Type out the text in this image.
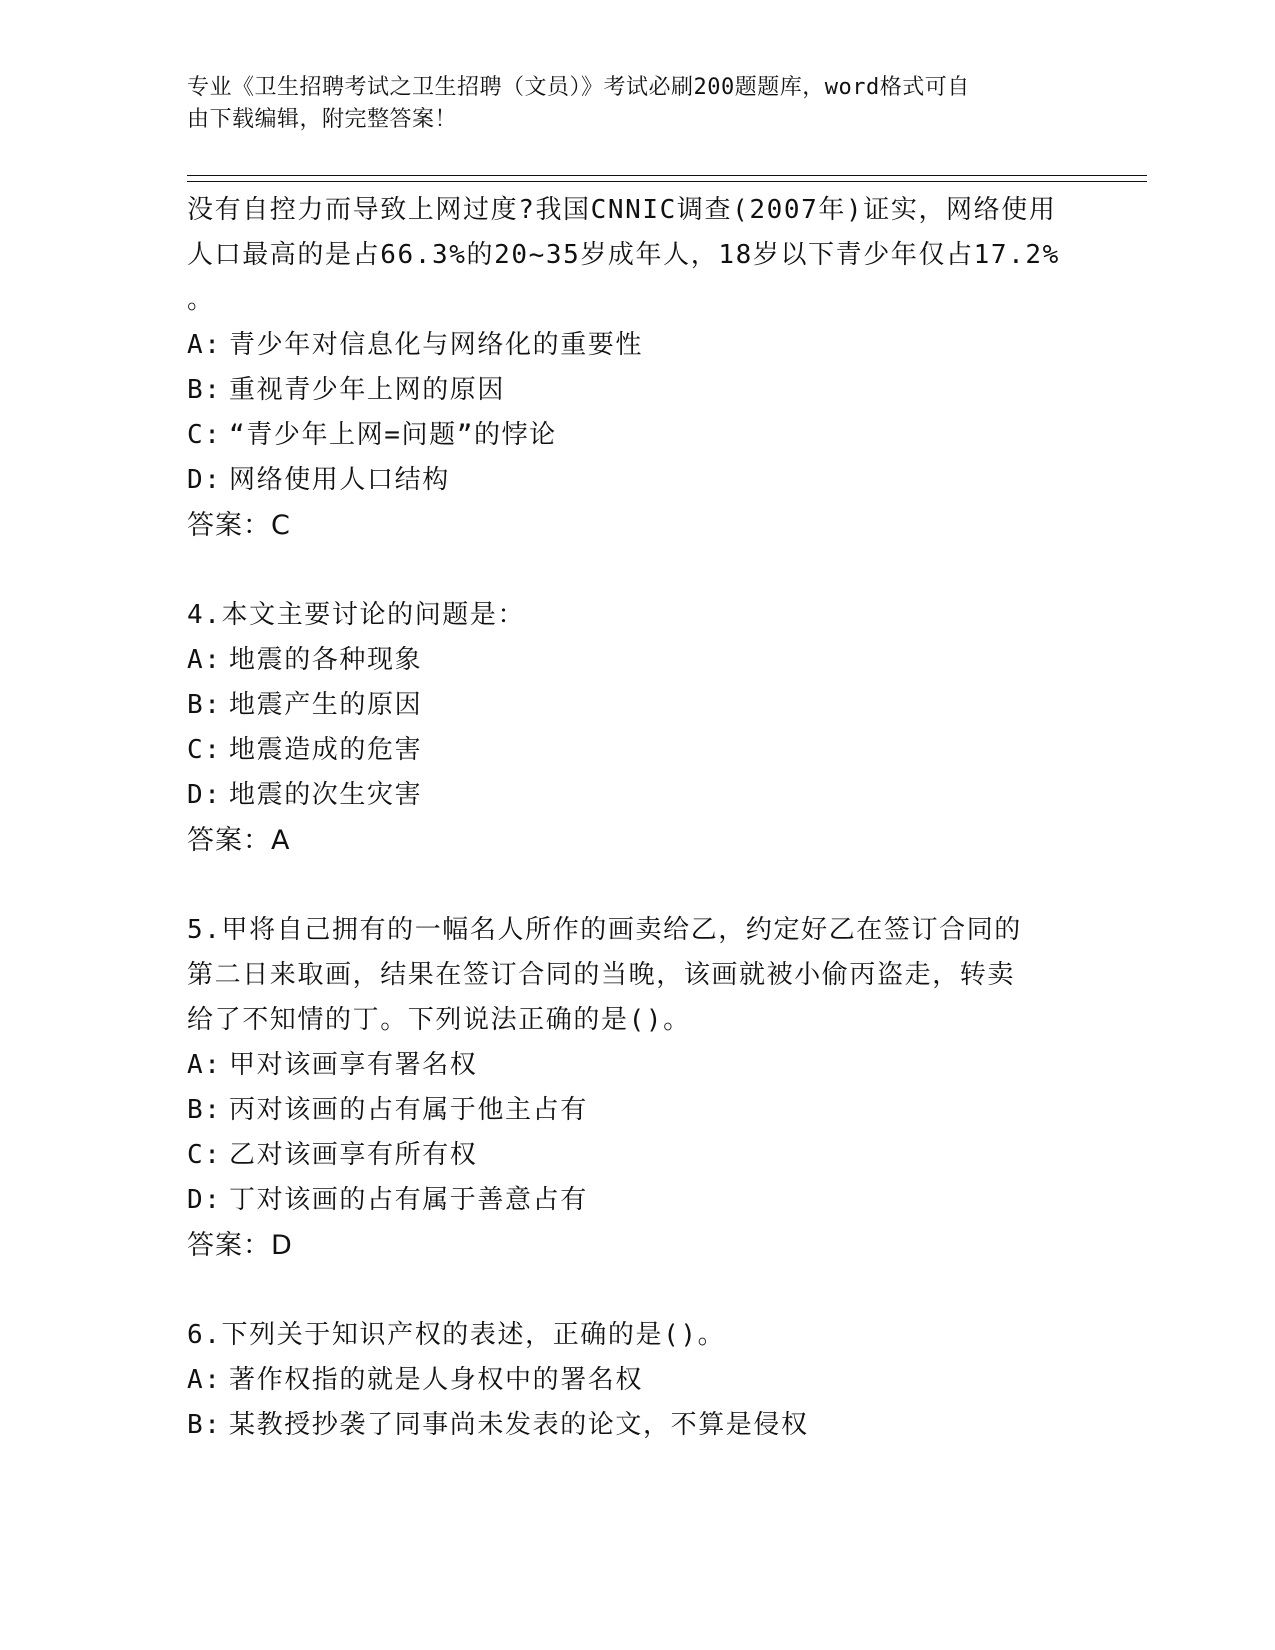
专业《卫生招聘考试之卫生招聘（文员）》考试必刷200题题库，word格式可自
由下载编辑，附完整答案！

没有自控力而导致上网过度?我国CNNIC调查(2007年)证实，网络使用

人口最高的是占66.3%的20~35岁成年人，18岁以下青少年仅占17.2%

。

A: 青少年对信息化与网络化的重要性

B: 重视青少年上网的原因

C: “青少年上网=问题”的悖论

D: 网络使用人口结构

答案：C

4.本文主要讨论的问题是：

A: 地震的各种现象

B: 地震产生的原因

C: 地震造成的危害

D: 地震的次生灾害

答案：A

5.甲将自己拥有的一幅名人所作的画卖给乙，约定好乙在签订合同的

第二日来取画，结果在签订合同的当晚，该画就被小偷丙盗走，转卖

给了不知情的丁。下列说法正确的是()。

A: 甲对该画享有署名权

B: 丙对该画的占有属于他主占有

C: 乙对该画享有所有权

D: 丁对该画的占有属于善意占有

答案：D

6.下列关于知识产权的表述，正确的是()。

A: 著作权指的就是人身权中的署名权

B: 某教授抄袭了同事尚未发表的论文，不算是侵权
